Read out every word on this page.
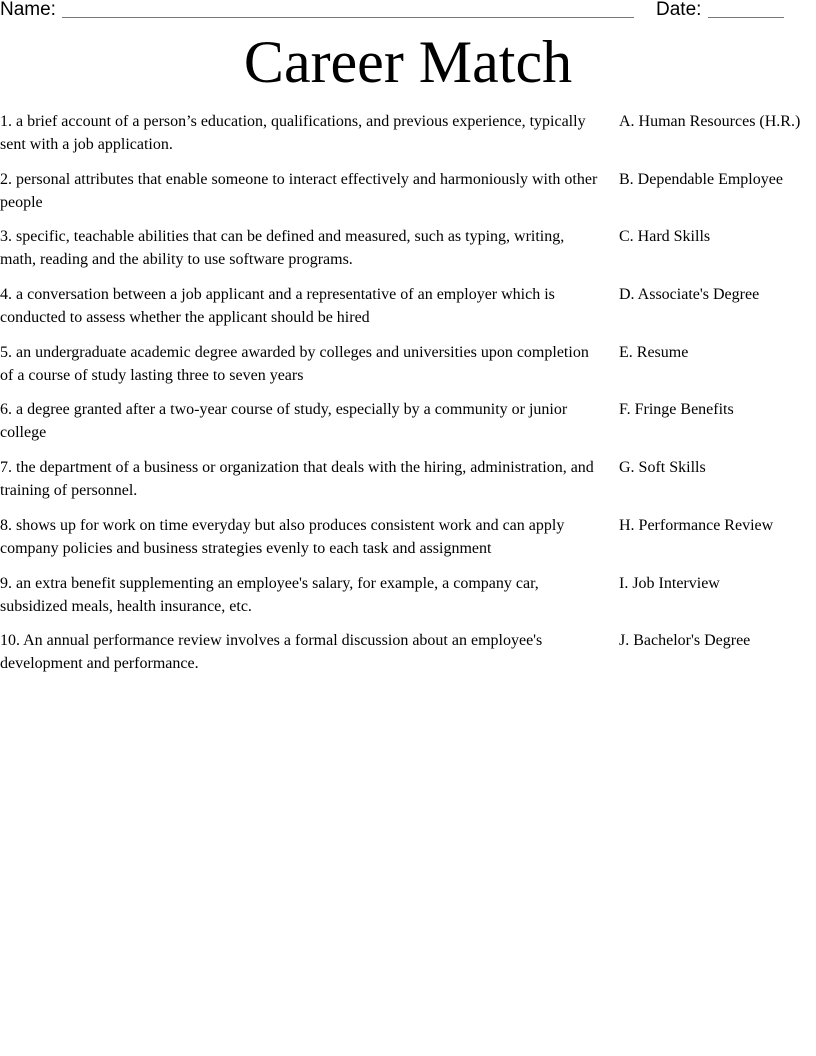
Name:	Date:
Career Match
1. a brief account of a person’s education, qualifications, and previous experience, typically sent with a job application.
A. Human Resources (H.R.)
2. personal attributes that enable someone to interact effectively and harmoniously with other people
B. Dependable Employee
3. specific, teachable abilities that can be defined and measured, such as typing, writing, math, reading and the ability to use software programs.
C. Hard Skills
4. a conversation between a job applicant and a representative of an employer which is conducted to assess whether the applicant should be hired
D. Associate's Degree
5. an undergraduate academic degree awarded by colleges and universities upon completion of a course of study lasting three to seven years
E. Resume
6. a degree granted after a two-year course of study, especially by a community or junior college
F. Fringe Benefits
7. the department of a business or organization that deals with the hiring, administration, and training of personnel.
G. Soft Skills
8. shows up for work on time everyday but also produces consistent work and can apply company policies and business strategies evenly to each task and assignment
H. Performance Review
9. an extra benefit supplementing an employee's salary, for example, a company car, subsidized meals, health insurance, etc.
I. Job Interview
10. An annual performance review involves a formal discussion about an employee's development and performance.
J. Bachelor's Degree
